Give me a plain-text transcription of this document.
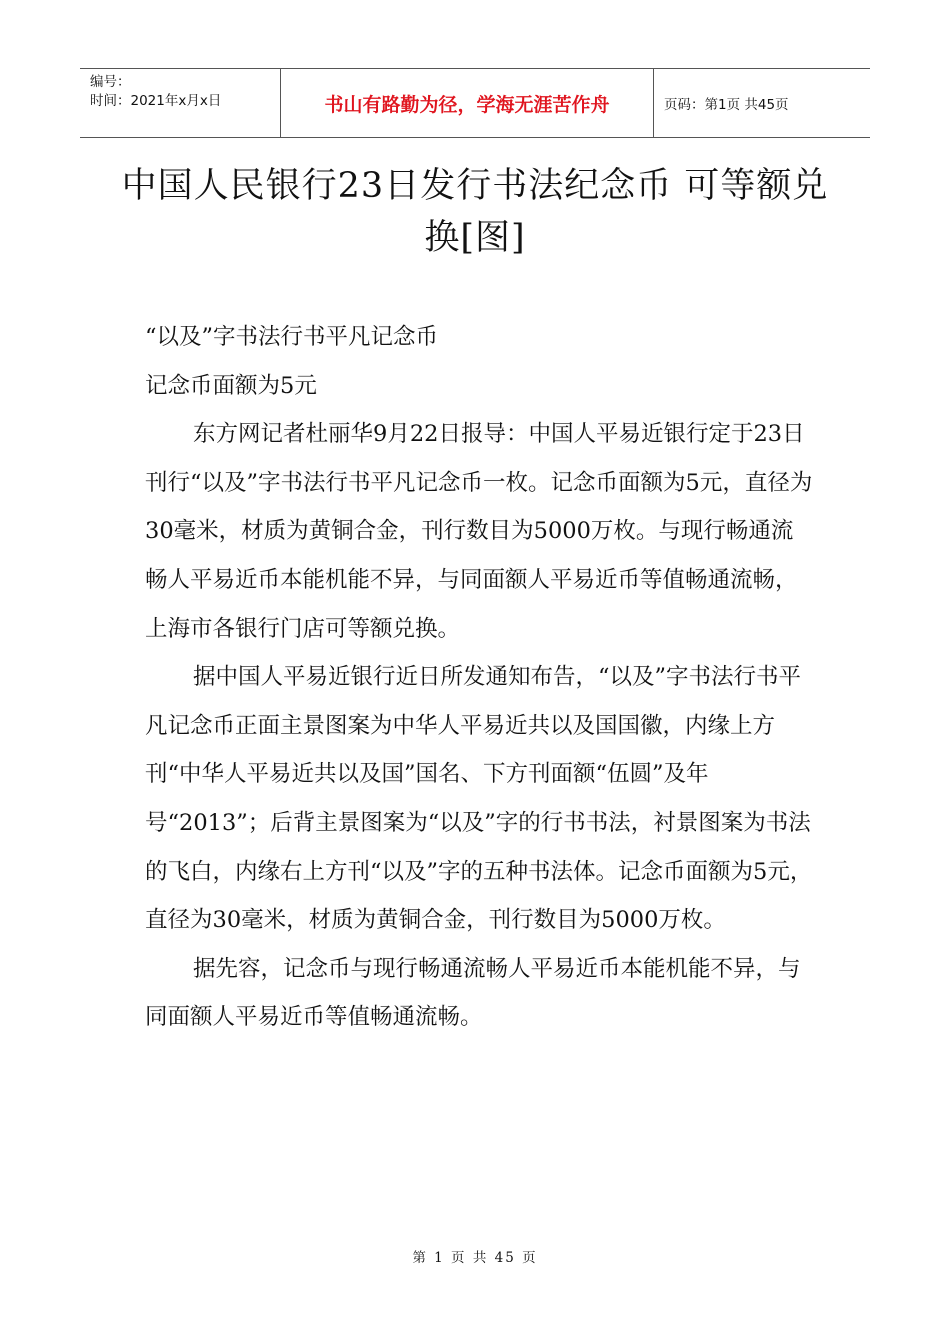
编号：
时间：2021年x月x日	书山有路勤为径，学海无涯苦作舟	页码：第1页 共45页
中国人民银行23日发行书法纪念币 可等额兑换[图]

“以及”字书法行书平凡记念币

记念币面额为5元

东方网记者杜丽华9月22日报导：中国人平易近银行定于23日刊行“以及”字书法行书平凡记念币一枚。记念币面额为5元，直径为30毫米，材质为黄铜合金，刊行数目为5000万枚。与现行畅通流畅人平易近币本能机能不异，与同面额人平易近币等值畅通流畅，上海市各银行门店可等额兑换。

据中国人平易近银行近日所发通知布告，“以及”字书法行书平凡记念币正面主景图案为中华人平易近共以及国国徽，内缘上方刊“中华人平易近共以及国”国名、下方刊面额“伍圆”及年号“2013”；后背主景图案为“以及”字的行书书法，衬景图案为书法的飞白，内缘右上方刊“以及”字的五种书法体。记念币面额为5元，直径为30毫米，材质为黄铜合金，刊行数目为5000万枚。

据先容，记念币与现行畅通流畅人平易近币本能机能不异，与同面额人平易近币等值畅通流畅。

第 1 页 共 45 页
